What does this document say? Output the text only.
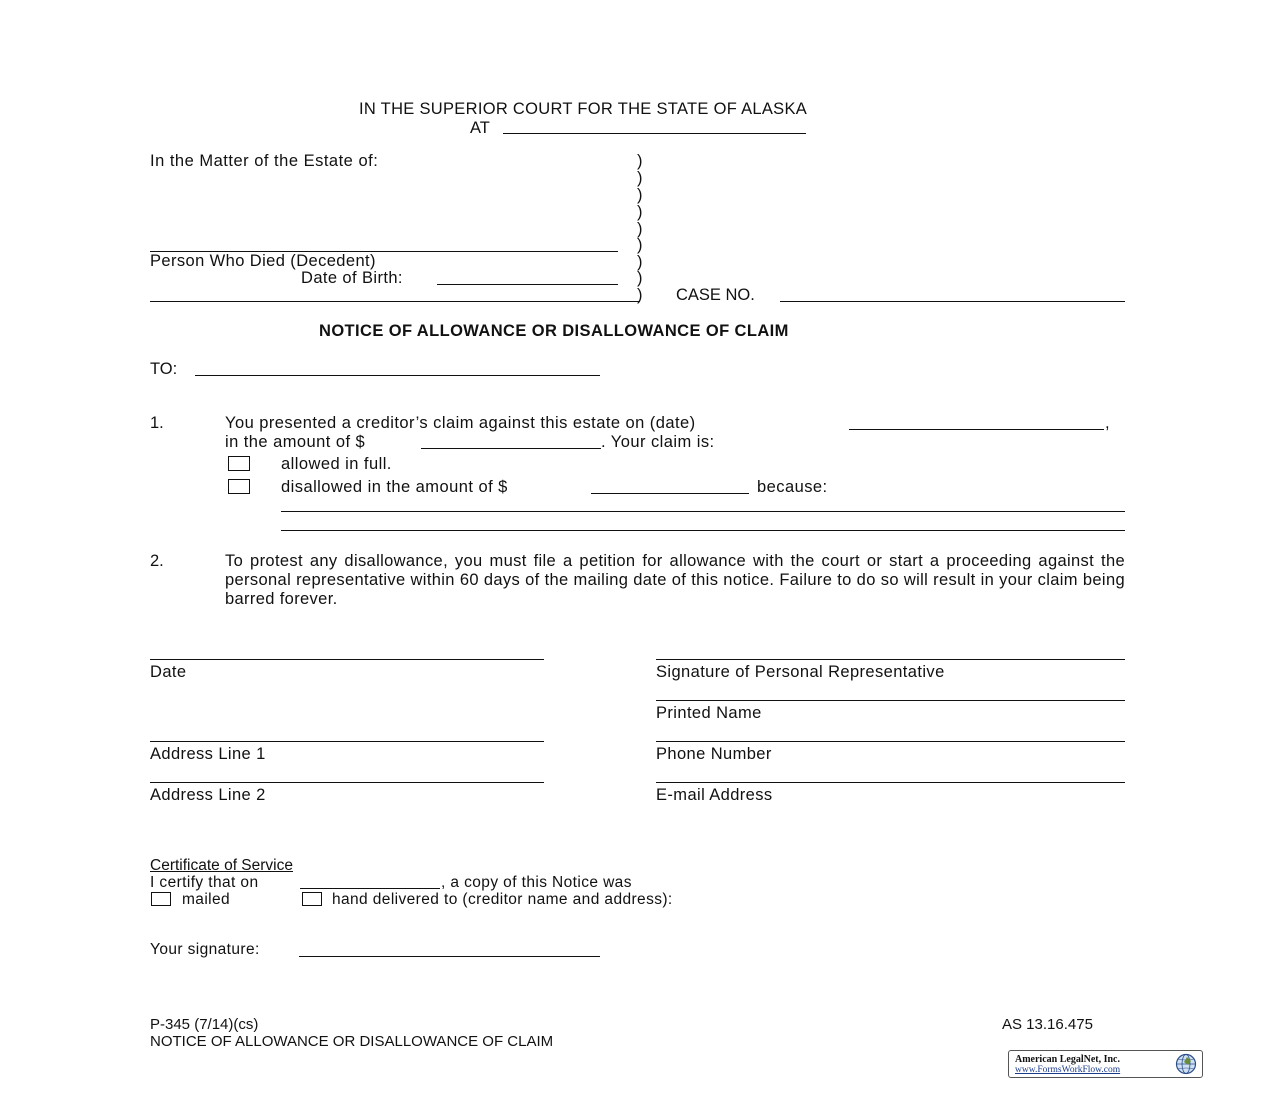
IN THE SUPERIOR COURT FOR THE STATE OF ALASKA
AT
In the Matter of the Estate of:
Person Who Died (Decedent)
Date of Birth:
)
)
)
)
)
)
)
)
) CASE NO.
NOTICE OF ALLOWANCE OR DISALLOWANCE OF CLAIM
TO:
1.	You presented a creditor’s claim against this estate on (date)	,
in the amount of $	. Your claim is:
allowed in full.
disallowed in the amount of $	because:
2.	To protest any disallowance, you must file a petition for allowance with the court or start a proceeding against the personal representative within 60 days of the mailing date of this notice. Failure to do so will result in your claim being barred forever.
Date	Signature of Personal Representative
Printed Name
Address Line 1	Phone Number
Address Line 2	E-mail Address
Certificate of Service
I certify that on	, a copy of this Notice was
mailed	hand delivered to (creditor name and address):
Your signature:
P-345 (7/14)(cs)
NOTICE OF ALLOWANCE OR DISALLOWANCE OF CLAIM
AS 13.16.475
American LegalNet, Inc.
www.FormsWorkFlow.com
